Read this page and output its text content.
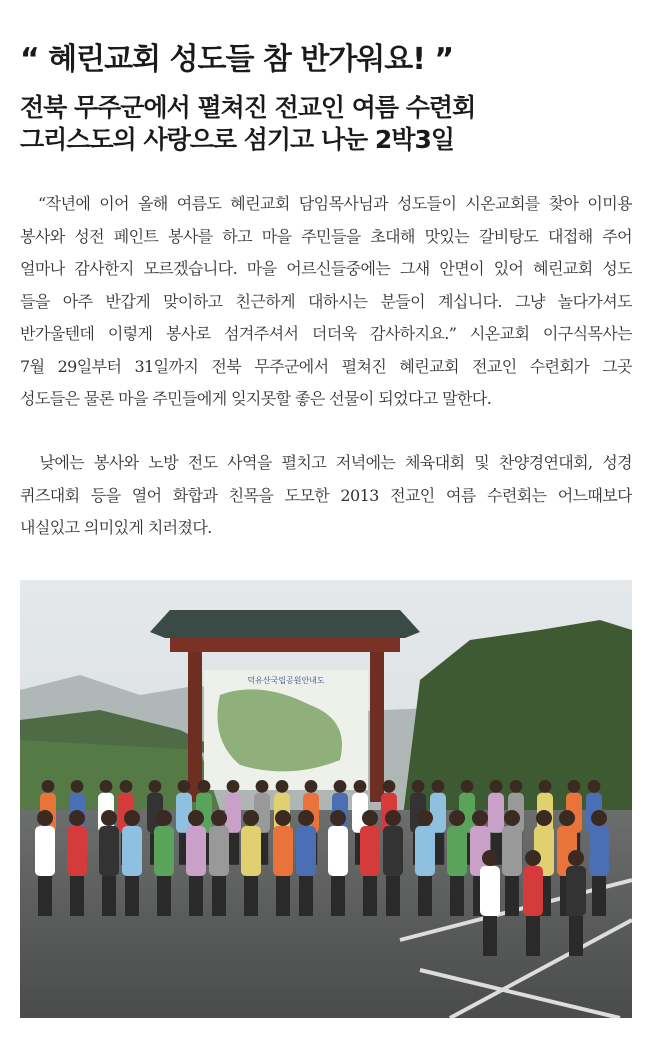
“ 혜린교회 성도들 참 반가워요! ”
전북 무주군에서 펼쳐진 전교인 여름 수련회
그리스도의 사랑으로 섬기고 나눈 2박3일
“작년에 이어 올해 여름도 혜린교회 담임목사님과 성도들이 시온교회를 찾아 이미용
봉사와 성전 페인트 봉사를 하고 마을 주민들을 초대해 맛있는 갈비탕도 대접해 주어
얼마나 감사한지 모르겠습니다. 마을 어르신들중에는 그새 안면이 있어 혜린교회 성도
들을 아주 반갑게 맞이하고 친근하게 대하시는 분들이 계십니다. 그냥 놀다가셔도
반가울텐데 이렇게 봉사로 섬겨주셔서 더더욱 감사하지요.” 시온교회 이구식목사는
7월 29일부터 31일까지 전북 무주군에서 펼쳐진 혜린교회 전교인 수련회가 그곳
성도들은 물론 마을 주민들에게 잊지못할 좋은 선물이 되었다고 말한다.
낮에는 봉사와 노방 전도 사역을 펼치고 저녁에는 체육대회 및 찬양경연대회, 성경
퀴즈대회 등을 열어 화합과 친목을 도모한 2013 전교인 여름 수련회는 어느때보다
내실있고 의미있게 치러졌다.
덕유산국립공원안내도
